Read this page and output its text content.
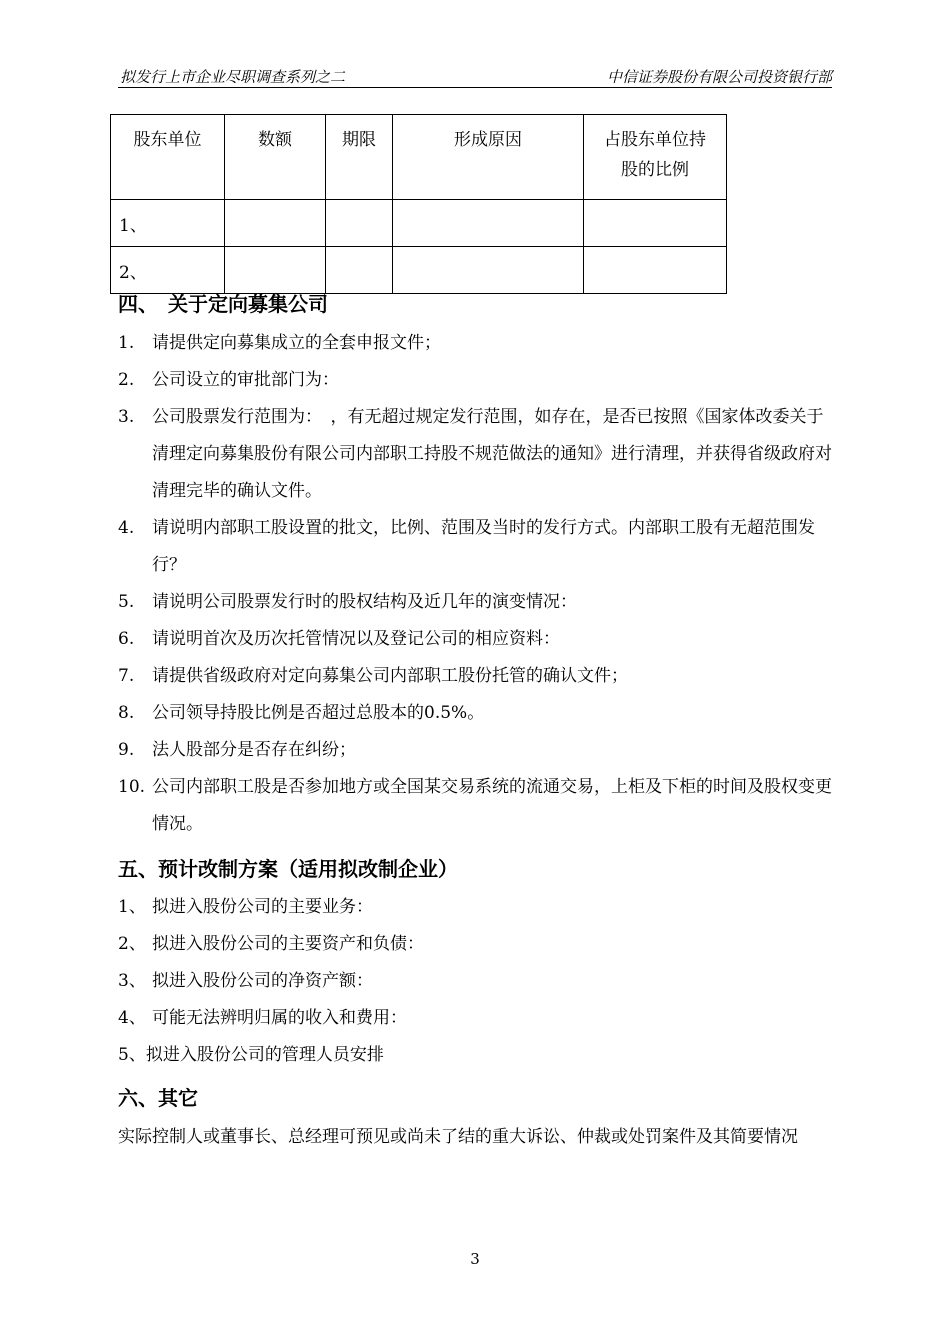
拟发行上市企业尽职调查系列之二	中信证券股份有限公司投资银行部
股东单位	数额	期限	形成原因	占股东单位持股的比例
1、				
2、				
四、　关于定向募集公司
1. 请提供定向募集成立的全套申报文件；
2. 公司设立的审批部门为：
3. 公司股票发行范围为：　，有无超过规定发行范围，如存在，是否已按照《国家体改委关于清理定向募集股份有限公司内部职工持股不规范做法的通知》进行清理，并获得省级政府对清理完毕的确认文件。
4. 请说明内部职工股设置的批文，比例、范围及当时的发行方式。内部职工股有无超范围发行？
5. 请说明公司股票发行时的股权结构及近几年的演变情况：
6. 请说明首次及历次托管情况以及登记公司的相应资料：
7. 请提供省级政府对定向募集公司内部职工股份托管的确认文件；
8. 公司领导持股比例是否超过总股本的0.5%。
9. 法人股部分是否存在纠纷；
10. 公司内部职工股是否参加地方或全国某交易系统的流通交易，上柜及下柜的时间及股权变更情况。
五、预计改制方案（适用拟改制企业）
1、 拟进入股份公司的主要业务：
2、 拟进入股份公司的主要资产和负债：
3、 拟进入股份公司的净资产额：
4、 可能无法辨明归属的收入和费用：
5、拟进入股份公司的管理人员安排
六、其它
实际控制人或董事长、总经理可预见或尚未了结的重大诉讼、仲裁或处罚案件及其简要情况
3
